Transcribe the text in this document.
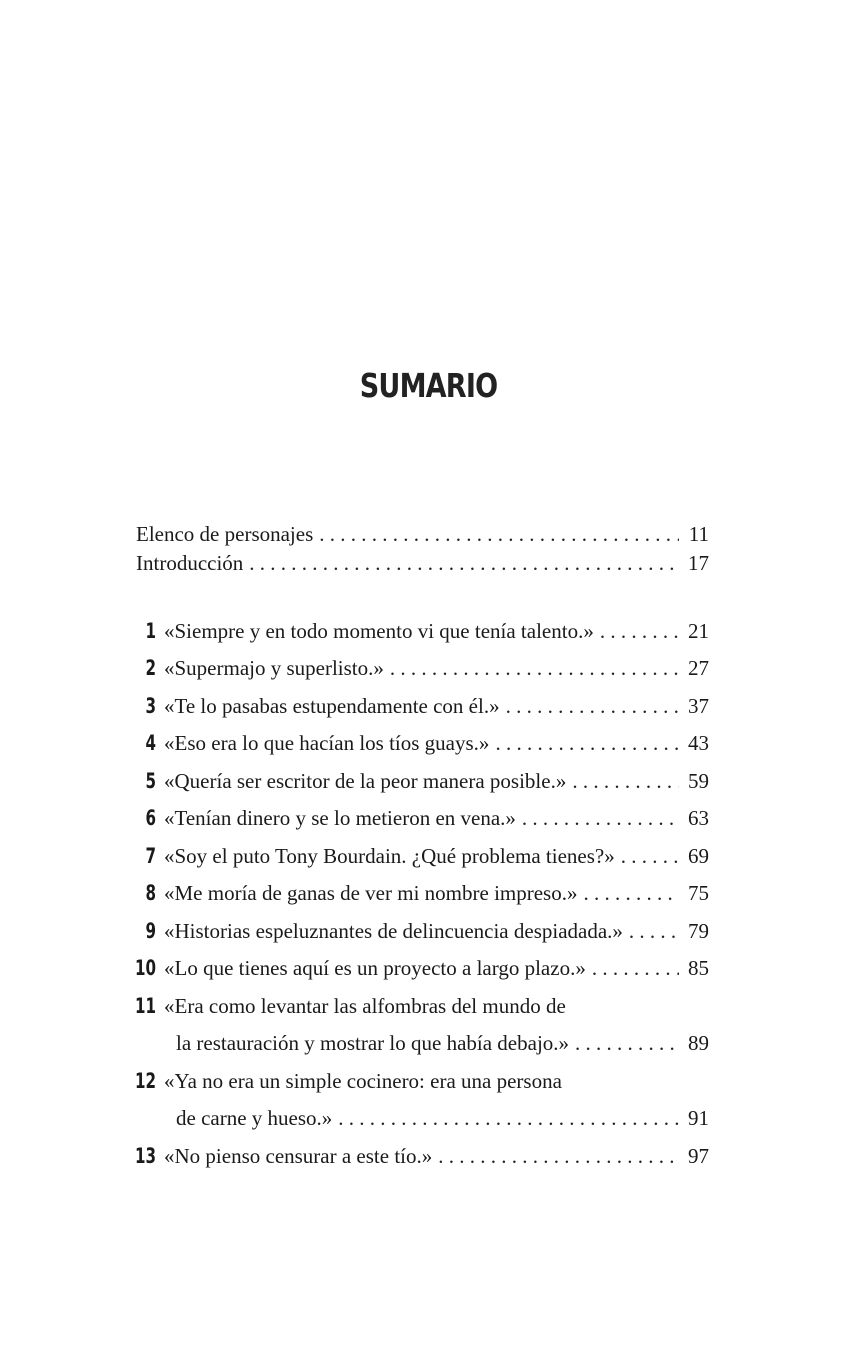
SUMARIO
Elenco de personajes . . .	11
Introducción . . .	17
1 «Siempre y en todo momento vi que tenía talento.» . . .	21
2 «Supermajo y superlisto.» . . .	27
3 «Te lo pasabas estupendamente con él.» . . .	37
4 «Eso era lo que hacían los tíos guays.» . . .	43
5 «Quería ser escritor de la peor manera posible.» . . .	59
6 «Tenían dinero y se lo metieron en vena.» . . .	63
7 «Soy el puto Tony Bourdain. ¿Qué problema tienes?» . . .	69
8 «Me moría de ganas de ver mi nombre impreso.» . . .	75
9 «Historias espeluznantes de delincuencia despiadada.» . . .	79
10 «Lo que tienes aquí es un proyecto a largo plazo.» . . .	85
11 «Era como levantar las alfombras del mundo de
la restauración y mostrar lo que había debajo.» . . .	89
12 «Ya no era un simple cocinero: era una persona
de carne y hueso.» . . .	91
13 «No pienso censurar a este tío.» . . .	97
